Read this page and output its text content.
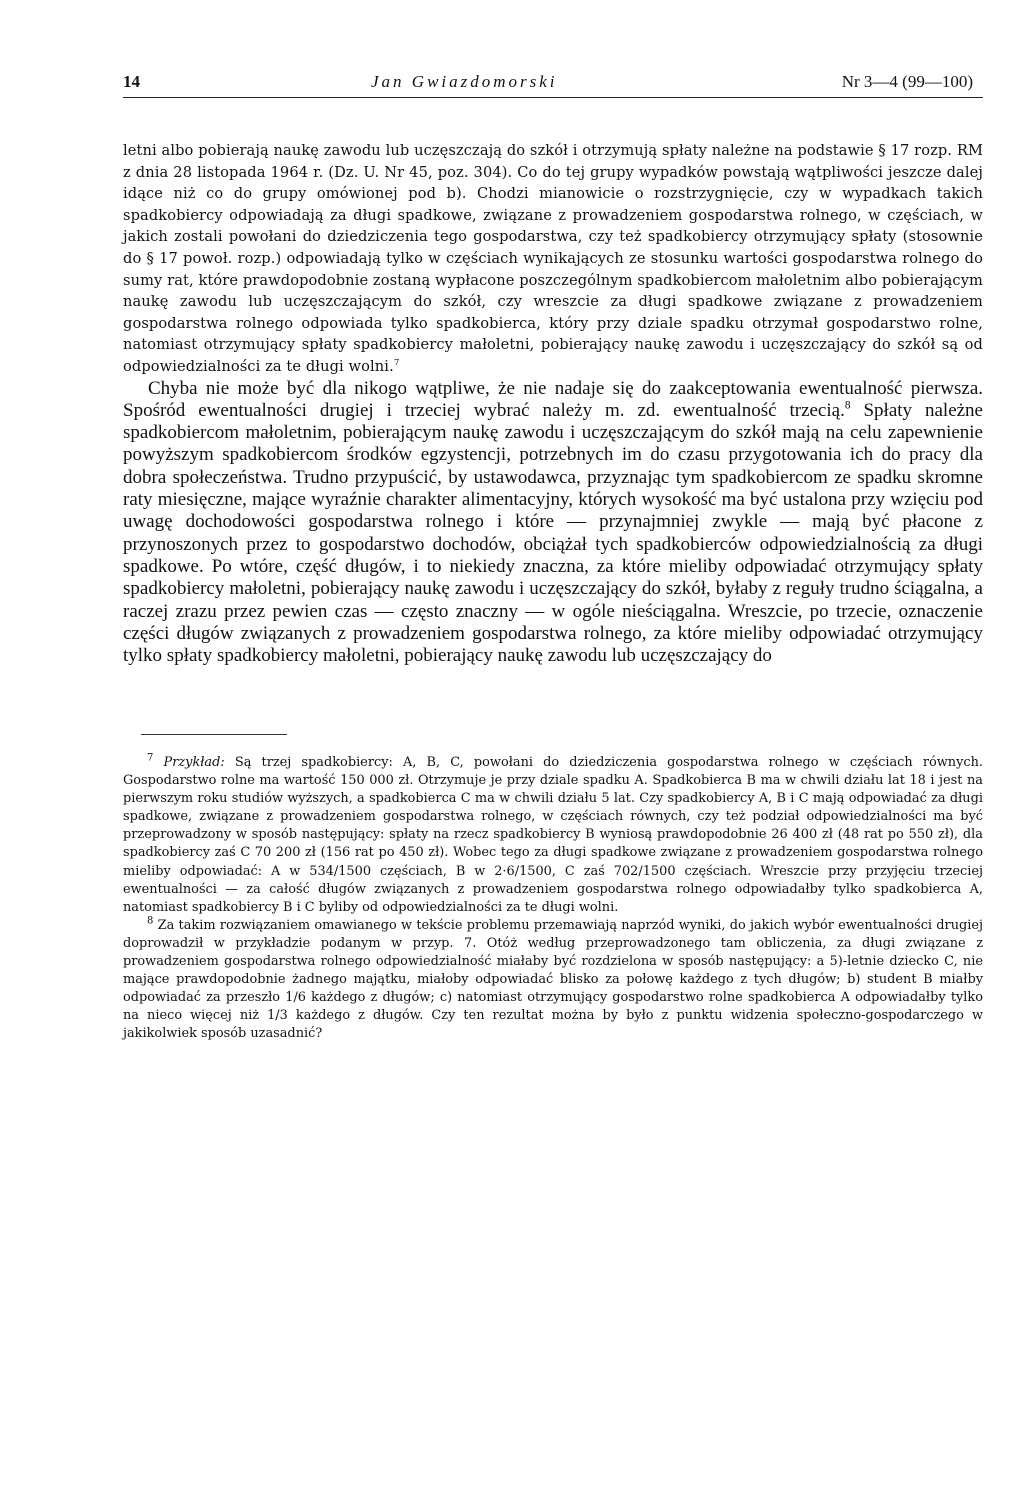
14	Jan Gwiazdomorski	Nr 3—4 (99—100)

letni albo pobierają naukę zawodu lub uczęszczają do szkół i otrzymują spłaty należne na podstawie § 17 rozp. RM z dnia 28 listopada 1964 r. (Dz. U. Nr 45, poz. 304). Co do tej grupy wypadków powstają wątpliwości jeszcze dalej idące niż co do grupy omówionej pod b). Chodzi mianowicie o rozstrzygnięcie, czy w wypadkach takich spadkobiercy odpowiadają za długi spadkowe, związane z prowadzeniem gospodarstwa rolnego, w częściach, w jakich zostali powołani do dziedziczenia tego gospodarstwa, czy też spadkobiercy otrzymujący spłaty (stosownie do § 17 powoł. rozp.) odpowiadają tylko w częściach wynikających ze stosunku wartości gospodarstwa rolnego do sumy rat, które prawdopodobnie zostaną wypłacone poszczególnym spadkobiercom małoletnim albo pobierającym naukę zawodu lub uczęszczającym do szkół, czy wreszcie za długi spadkowe związane z prowadzeniem gospodarstwa rolnego odpowiada tylko spadkobierca, który przy dziale spadku otrzymał gospodarstwo rolne, natomiast otrzymujący spłaty spadkobiercy małoletni, pobierający naukę zawodu i uczęszczający do szkół są od odpowiedzialności za te długi wolni.$^7$

Chyba nie może być dla nikogo wątpliwe, że nie nadaje się do zaakceptowania ewentualność pierwsza. Spośród ewentualności drugiej i trzeciej wybrać należy m. zd. ewentualność trzecią.$^8$ Spłaty należne spadkobiercom małoletnim, pobierającym naukę zawodu i uczęszczającym do szkół mają na celu zapewnienie powyższym spadkobiercom środków egzystencji, potrzebnych im do czasu przygotowania ich do pracy dla dobra społeczeństwa. Trudno przypuścić, by ustawodawca, przyznając tym spadkobiercom ze spadku skromne raty miesięczne, mające wyraźnie charakter alimentacyjny, których wysokość ma być ustalona przy wzięciu pod uwagę dochodowości gospodarstwa rolnego i które — przynajmniej zwykle — mają być płacone z przynoszonych przez to gospodarstwo dochodów, obciążał tych spadkobierców odpowiedzialnością za długi spadkowe. Po wtóre, część długów, i to niekiedy znaczna, za które mieliby odpowiadać otrzymujący spłaty spadkobiercy małoletni, pobierający naukę zawodu i uczęszczający do szkół, byłaby z reguły trudno ściągalna, a raczej zrazu przez pewien czas — często znaczny — w ogóle nieściągalna. Wreszcie, po trzecie, oznaczenie części długów związanych z prowadzeniem gospodarstwa rolnego, za które mieliby odpowiadać otrzymujący tylko spłaty spadkobiercy małoletni, pobierający naukę zawodu lub uczęszczający do

$^7$ Przykład: Są trzej spadkobiercy: A, B, C, powołani do dziedziczenia gospodarstwa rolnego w częściach równych. Gospodarstwo rolne ma wartość 150 000 zł. Otrzymuje je przy dziale spadku A. Spadkobierca B ma w chwili działu lat 18 i jest na pierwszym roku studiów wyższych, a spadkobierca C ma w chwili działu 5 lat. Czy spadkobiercy A, B i C mają odpowiadać za długi spadkowe, związane z prowadzeniem gospodarstwa rolnego, w częściach równych, czy też podział odpowiedzialności ma być przeprowadzony w sposób następujący: spłaty na rzecz spadkobiercy B wyniosą prawdopodobnie 26 400 zł (48 rat po 550 zł), dla spadkobiercy zaś C 70 200 zł (156 rat po 450 zł). Wobec tego za długi spadkowe związane z prowadzeniem gospodarstwa rolnego mieliby odpowiadać: A w 534/1500 częściach, B w 2·6/1500, C zaś 702/1500 częściach. Wreszcie przy przyjęciu trzeciej ewentualności — za całość długów związanych z prowadzeniem gospodarstwa rolnego odpowiadałby tylko spadkobierca A, natomiast spadkobiercy B i C byliby od odpowiedzialności za te długi wolni.

$^8$ Za takim rozwiązaniem omawianego w tekście problemu przemawiają naprzód wyniki, do jakich wybór ewentualności drugiej doprowadził w przykładzie podanym w przyp. 7. Otóż według przeprowadzonego tam obliczenia, za długi związane z prowadzeniem gospodarstwa rolnego odpowiedzialność miałaby być rozdzielona w sposób następujący: a 5)-letnie dziecko C, nie mające prawdopodobnie żadnego majątku, miałoby odpowiadać blisko za połowę każdego z tych długów; b) student B miałby odpowiadać za przeszło 1/6 każdego z długów; c) natomiast otrzymujący gospodarstwo rolne spadkobierca A odpowiadałby tylko na nieco więcej niż 1/3 każdego z długów. Czy ten rezultat można by było z punktu widzenia społeczno-gospodarczego w jakikolwiek sposób uzasadnić?
